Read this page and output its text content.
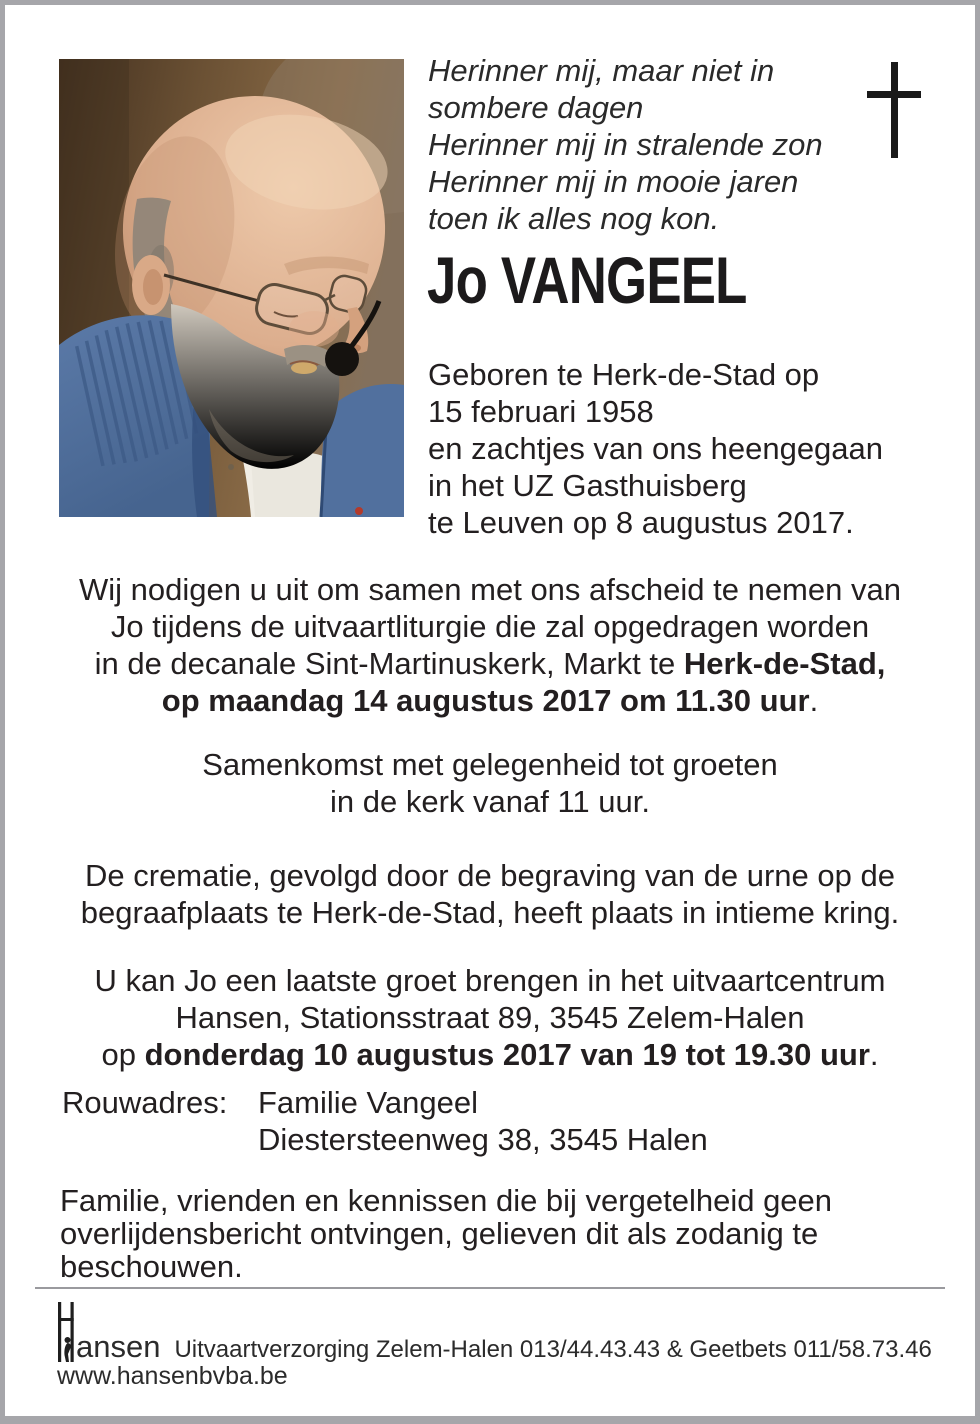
Herinner mij, maar niet in
sombere dagen
Herinner mij in stralende zon
Herinner mij in mooie jaren
toen ik alles nog kon.
Jo VANGEEL
Geboren te Herk-de-Stad op
15 februari 1958
en zachtjes van ons heengegaan
in het UZ Gasthuisberg
te Leuven op 8 augustus 2017.
Wij nodigen u uit om samen met ons afscheid te nemen van
Jo tijdens de uitvaartliturgie die zal opgedragen worden
in de decanale Sint-Martinuskerk, Markt te Herk-de-Stad,
op maandag 14 augustus 2017 om 11.30 uur.
Samenkomst met gelegenheid tot groeten
in de kerk vanaf 11 uur.
De crematie, gevolgd door de begraving van de urne op de
begraafplaats te Herk-de-Stad, heeft plaats in intieme kring.
U kan Jo een laatste groet brengen in het uitvaartcentrum
Hansen, Stationsstraat 89, 3545 Zelem-Halen
op donderdag 10 augustus 2017 van 19 tot 19.30 uur.
Rouwadres: Familie Vangeel
Diestersteenweg 38, 3545 Halen
Familie, vrienden en kennissen die bij vergetelheid geen
overlijdensbericht ontvingen, gelieven dit als zodanig te
beschouwen.
ansen Uitvaartverzorging Zelem-Halen 013/44.43.43 & Geetbets 011/58.73.46
www.hansenbvba.be
